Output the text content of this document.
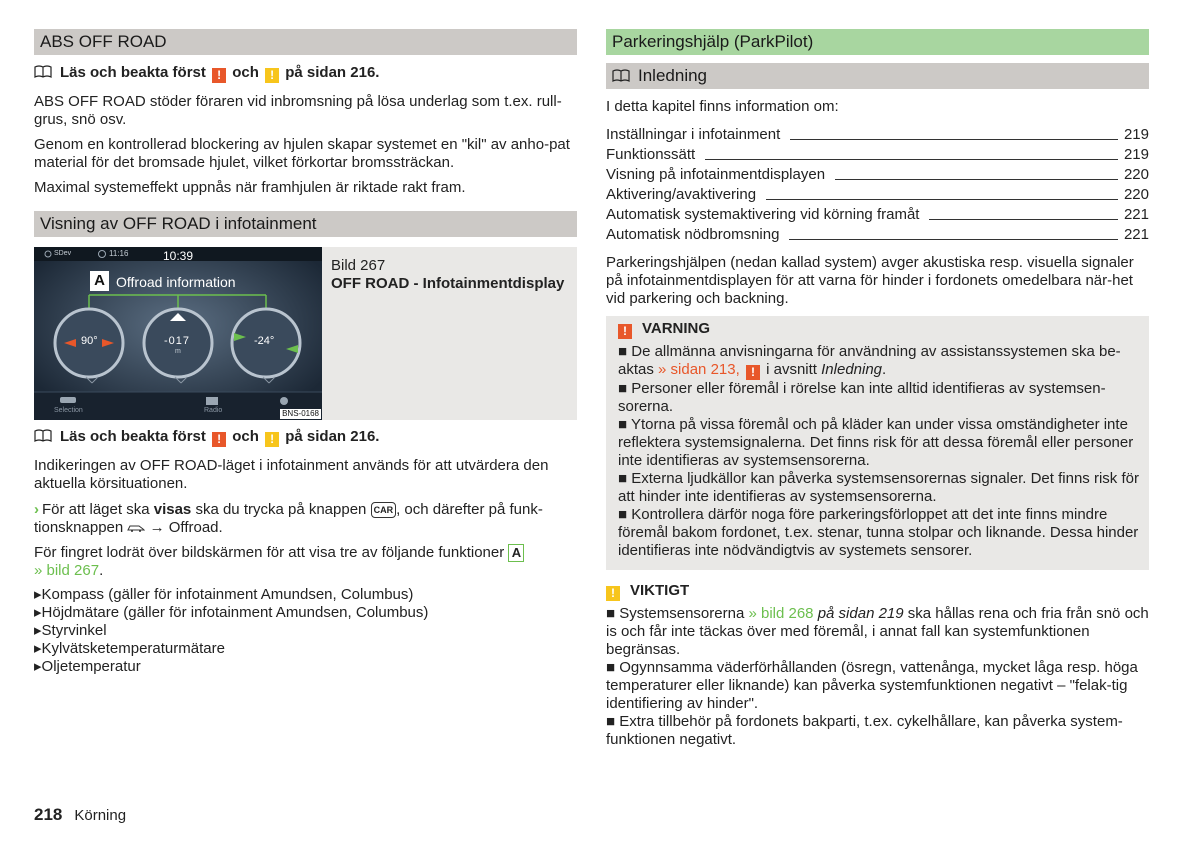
ABS OFF ROAD

Läs och beakta först ! och ! på sidan 216.

ABS OFF ROAD stöder föraren vid inbromsning på lösa underlag som t.ex. rull-grus, snö osv.

Genom en kontrollerad blockering av hjulen skapar systemet en "kil" av anho-pat material för det bromsade hjulet, vilket förkortar bromssträckan.

Maximal systemeffekt uppnås när framhjulen är riktade rakt fram.

Visning av OFF ROAD i infotainment
SDev	11:16	10:39
A Offroad information
90°	-017
m
-24°
Selection	Radio	BNS-0168

Bild 267

OFF ROAD - Infotainmentdisplay

Läs och beakta först ! och ! på sidan 216.

Indikeringen av OFF ROAD-läget i infotainment används för att utvärdera den aktuella körsituationen.

› För att läget ska visas ska du trycka på knappen CAR , och därefter på funk-tionsknappen → Offroad.

För fingret lodrät över bildskärmen för att visa tre av följande funktioner A
» bild 267.

▸Kompass (gäller för infotainment Amundsen, Columbus)
▸Höjdmätare (gäller för infotainment Amundsen, Columbus)
▸Styrvinkel
▸Kylvätsketemperaturmätare
▸Oljetemperatur
Parkeringshjälp (ParkPilot)
Inledning

I detta kapitel finns information om:

Inställningar i infotainment	219
Funktionssätt	219
Visning på infotainmentdisplayen	220
Aktivering/avaktivering	220
Automatisk systemaktivering vid körning framåt	221
Automatisk nödbromsning	221

Parkeringshjälpen (nedan kallad system) avger akustiska resp. visuella signaler på infotainmentdisplayen för att varna för hinder i fordonets omedelbara när-het vid parkering och backning.

! VARNING

■ De allmänna anvisningarna för användning av assistanssystemen ska be-aktas » sidan 213, ! i avsnitt Inledning.

■ Personer eller föremål i rörelse kan inte alltid identifieras av systemsen-sorerna.

■ Ytorna på vissa föremål och på kläder kan under vissa omständigheter inte reflektera systemsignalerna. Det finns risk för att dessa föremål eller personer inte identifieras av systemsensorerna.

■ Externa ljudkällor kan påverka systemsensorernas signaler. Det finns risk för att hinder inte identifieras av systemsensorerna.

■ Kontrollera därför noga före parkeringsförloppet att det inte finns mindre föremål bakom fordonet, t.ex. stenar, tunna stolpar och liknande. Dessa hinder identifieras inte nödvändigtvis av systemets sensorer.

! VIKTIGT

■ Systemsensorerna » bild 268 på sidan 219 ska hållas rena och fria från snö och is och får inte täckas över med föremål, i annat fall kan systemfunktionen begränsas.

■ Ogynnsamma väderförhållanden (ösregn, vattenånga, mycket låga resp. höga temperaturer eller liknande) kan påverka systemfunktionen negativt – "felak-tig identifiering av hinder".

■ Extra tillbehör på fordonets bakparti, t.ex. cykelhållare, kan påverka system-funktionen negativt.

218 Körning
